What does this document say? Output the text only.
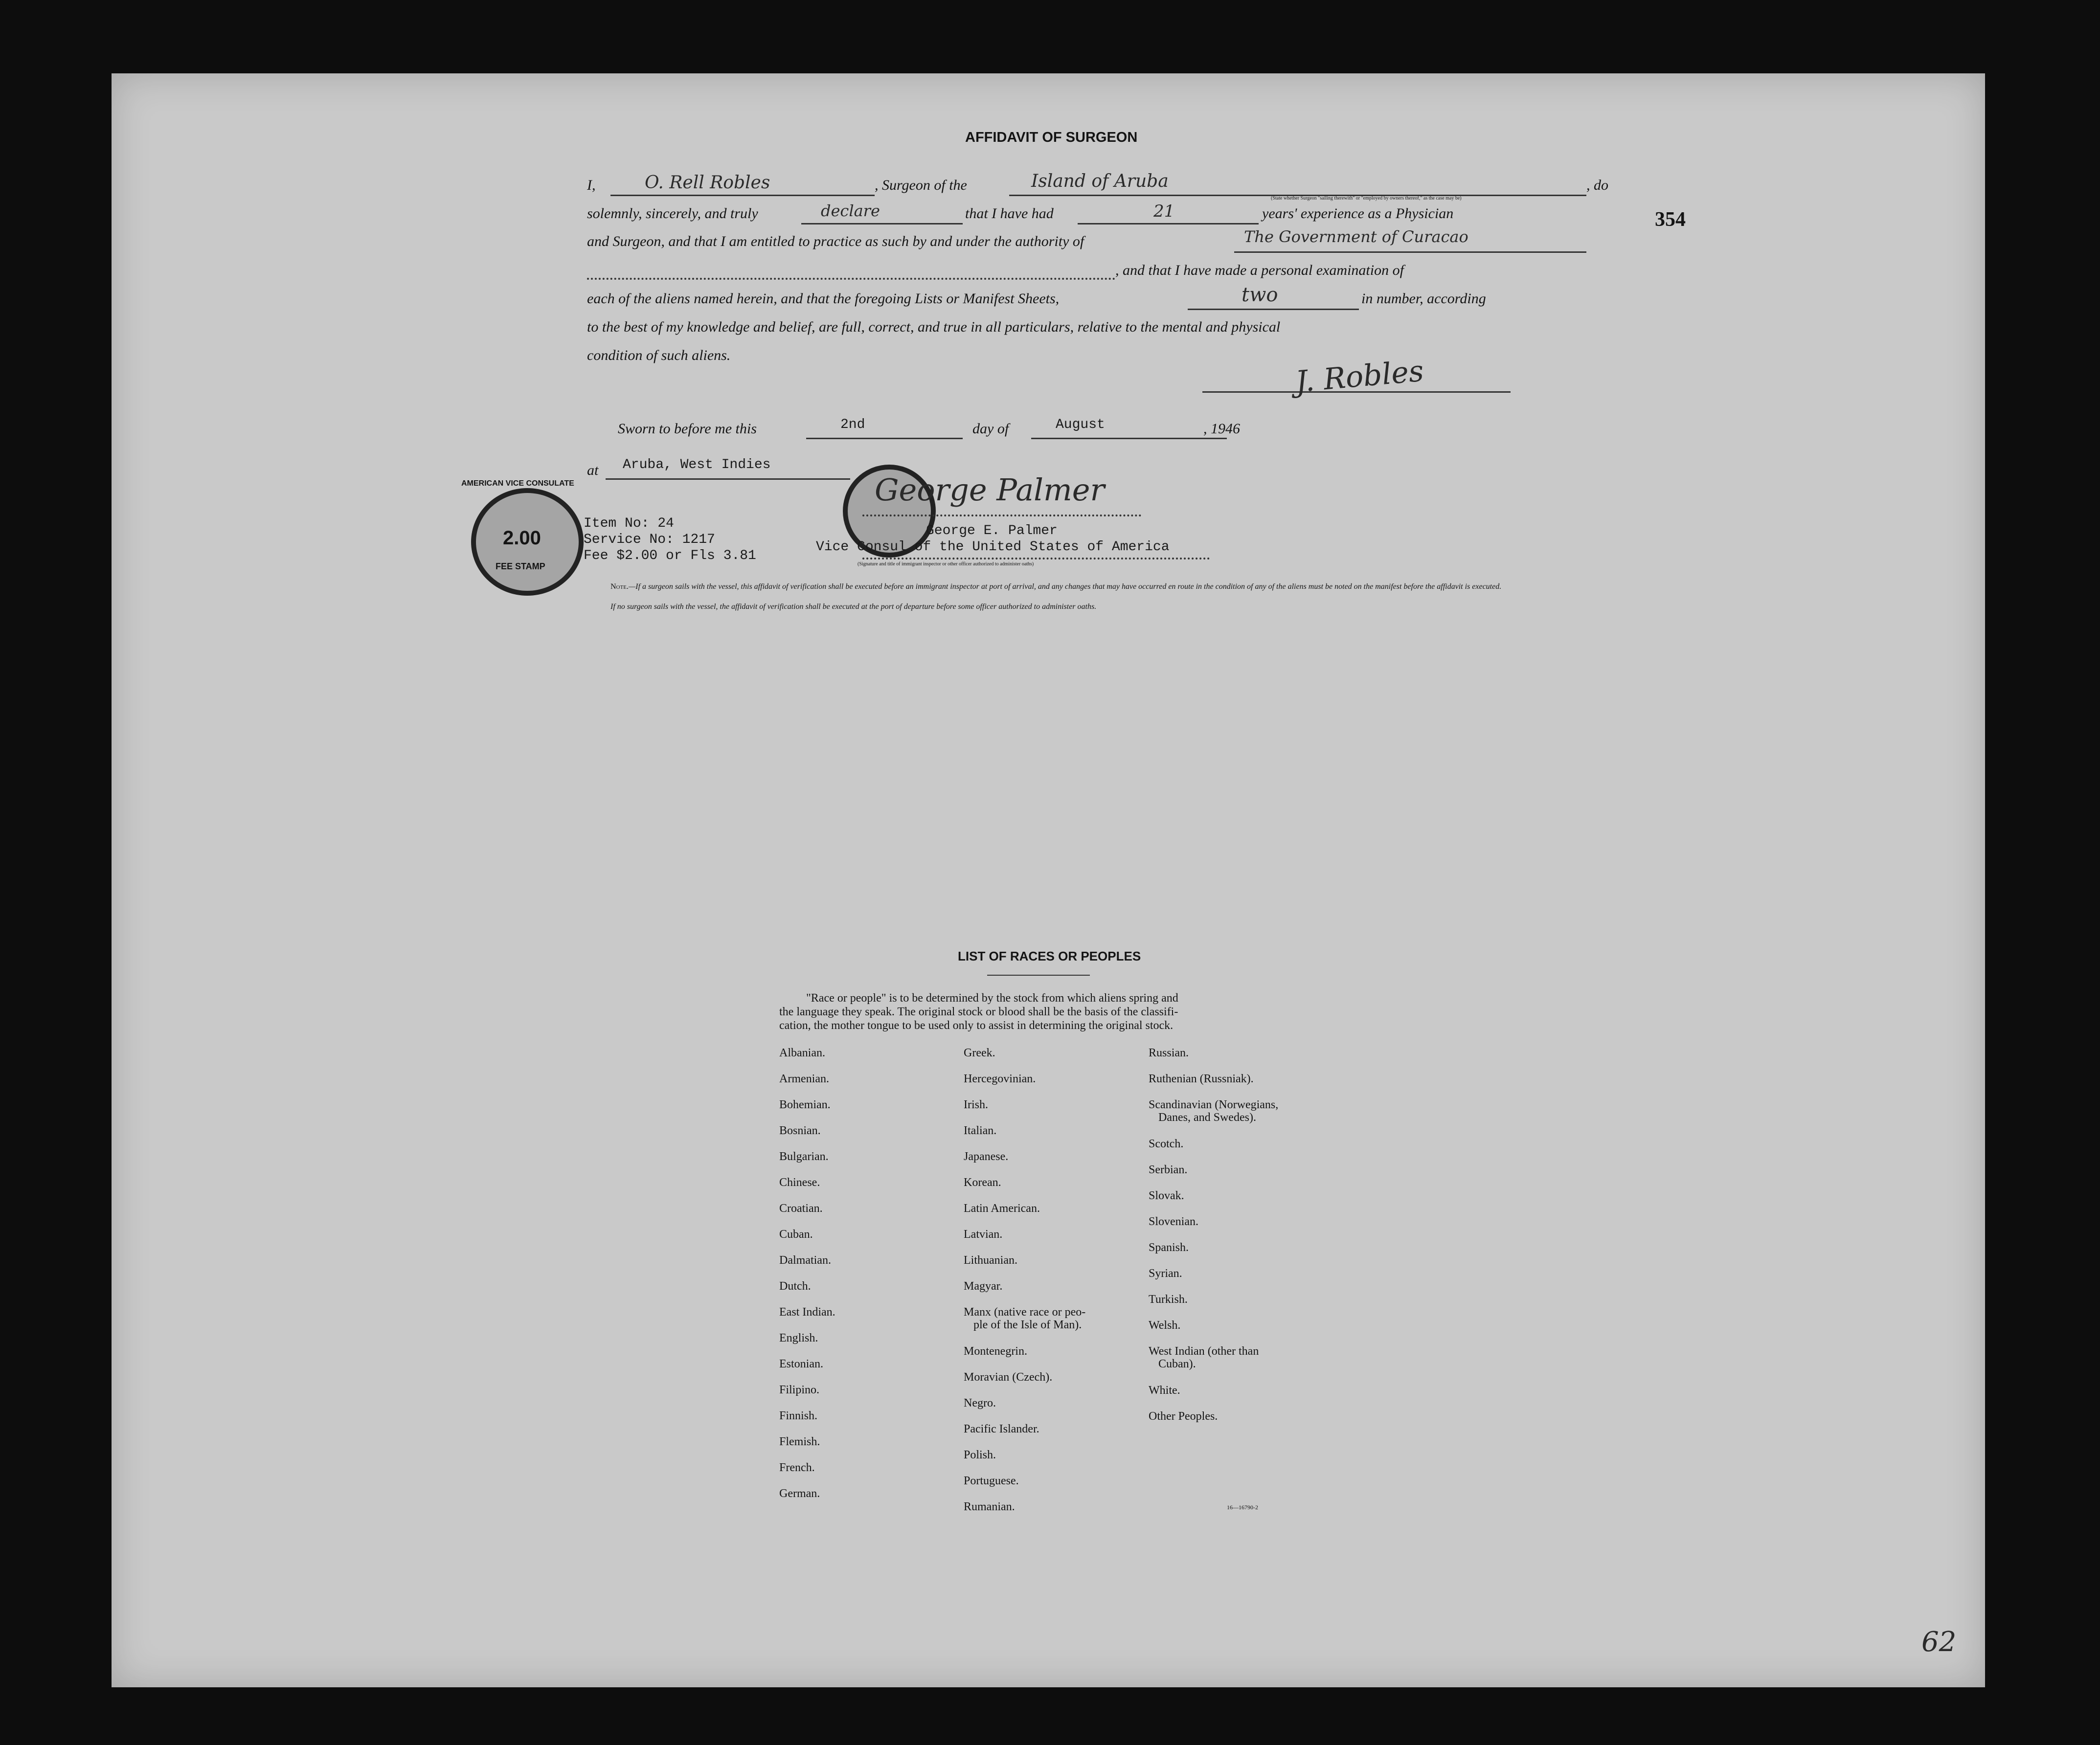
354
AFFIDAVIT OF SURGEON
I,	O. Rell Robles	, Surgeon of the	Island of Aruba	, do
(State whether Surgeon "sailing therewith" or "employed by owners thereof," as the case may be)
solemnly, sincerely, and truly	declare	that I have had	21	years' experience as a Physician
and Surgeon, and that I am entitled to practice as such by and under the authority of	The Government of Curacao
, and that I have made a personal examination of
each of the aliens named herein, and that the foregoing Lists or Manifest Sheets,	two	in number, according
to the best of my knowledge and belief, are full, correct, and true in all particulars, relative to the mental and physical
condition of such aliens.	J. Robles
Sworn to before me this	2nd	day of	August	, 1946
at Aruba, West Indies
AMERICAN VICE CONSULATE
2.00
FEE STAMP
Item No: 24
Service No: 1217
Fee $2.00 or Fls 3.81
George Palmer
George E. Palmer
Vice Consul of the United States of America
(Signature and title of immigrant inspector or other officer authorized to administer oaths)
Note.—If a surgeon sails with the vessel, this affidavit of verification shall be executed before an immigrant inspector at port of arrival, and any changes that may have occurred en route in the condition of any of the aliens must be noted on the manifest before the affidavit is executed.
If no surgeon sails with the vessel, the affidavit of verification shall be executed at the port of departure before some officer authorized to administer oaths.
LIST OF RACES OR PEOPLES
"Race or people" is to be determined by the stock from which aliens spring and
the language they speak. The original stock or blood shall be the basis of the classifi-
cation, the mother tongue to be used only to assist in determining the original stock.
Albanian.
Armenian.
Bohemian.
Bosnian.
Bulgarian.
Chinese.
Croatian.
Cuban.
Dalmatian.
Dutch.
East Indian.
English.
Estonian.
Filipino.
Finnish.
Flemish.
French.
German.
Greek.
Hercegovinian.
Irish.
Italian.
Japanese.
Korean.
Latin American.
Latvian.
Lithuanian.
Magyar.
Manx (native race or peo-
ple of the Isle of Man).
Montenegrin.
Moravian (Czech).
Negro.
Pacific Islander.
Polish.
Portuguese.
Rumanian.
Russian.
Ruthenian (Russniak).
Scandinavian (Norwegians,
Danes, and Swedes).
Scotch.
Serbian.
Slovak.
Slovenian.
Spanish.
Syrian.
Turkish.
Welsh.
West Indian (other than
Cuban).
White.
Other Peoples.
16—16790-2
62
